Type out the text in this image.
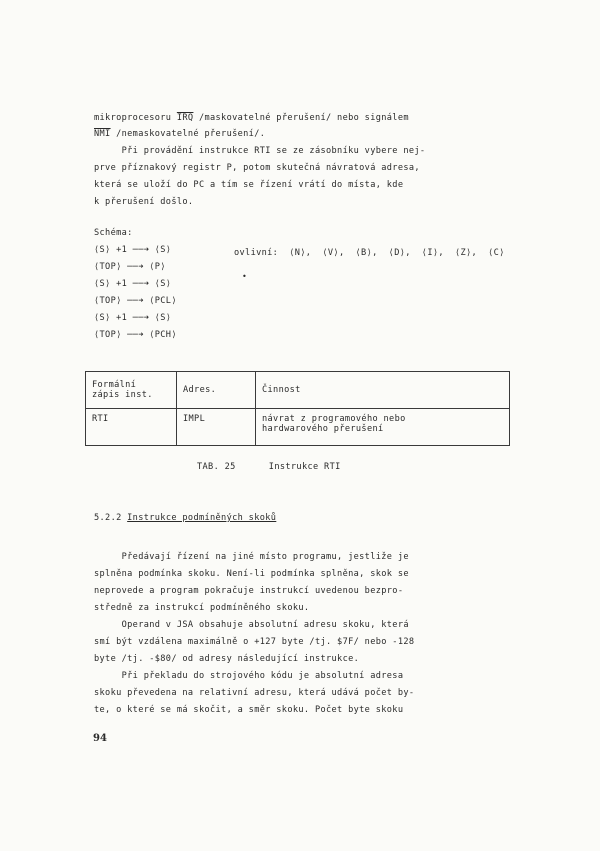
mikroprocesoru $\overline{IRQ}$ /maskovatelné přerušení/ nebo signálem
$\overline{NMI}$ /nemaskovatelné přerušení/.
Při provádění instrukce RTI se ze zásobníku vybere nej-
prve příznakový registr P, potom skutečná návratová adresa,
která se uloží do PC a tím se řízení vrátí do místa, kde
k přerušení došlo.
Schéma:
⟨S⟩ +1 ──➜ ⟨S⟩
⟨TOP⟩ ──➜ ⟨P⟩
⟨S⟩ +1 ──➜ ⟨S⟩
⟨TOP⟩ ──➜ ⟨PCL⟩
⟨S⟩ +1 ──➜ ⟨S⟩
⟨TOP⟩ ──➜ ⟨PCH⟩
ovlivní:  ⟨N⟩,  ⟨V⟩,  ⟨B⟩,  ⟨D⟩,  ⟨I⟩,  ⟨Z⟩,  ⟨C⟩
•
Formální
zápis inst.	Adres.	Činnost
RTI	IMPL	návrat z programového nebo
hardwarového přerušení
TAB. 25      Instrukce RTI
5.2.2 Instrukce podmíněných skoků
Předávají řízení na jiné místo programu, jestliže je
splněna podmínka skoku. Není-li podmínka splněna, skok se
neprovede a program pokračuje instrukcí uvedenou bezpro-
středně za instrukcí podmíněného skoku.
Operand v JSA obsahuje absolutní adresu skoku, která
smí být vzdálena maximálně o +127 byte /tj. $7F/ nebo -128
byte /tj. -$80/ od adresy následující instrukce.
Při překladu do strojového kódu je absolutní adresa
skoku převedena na relativní adresu, která udává počet by-
te, o které se má skočit, a směr skoku. Počet byte skoku
94
